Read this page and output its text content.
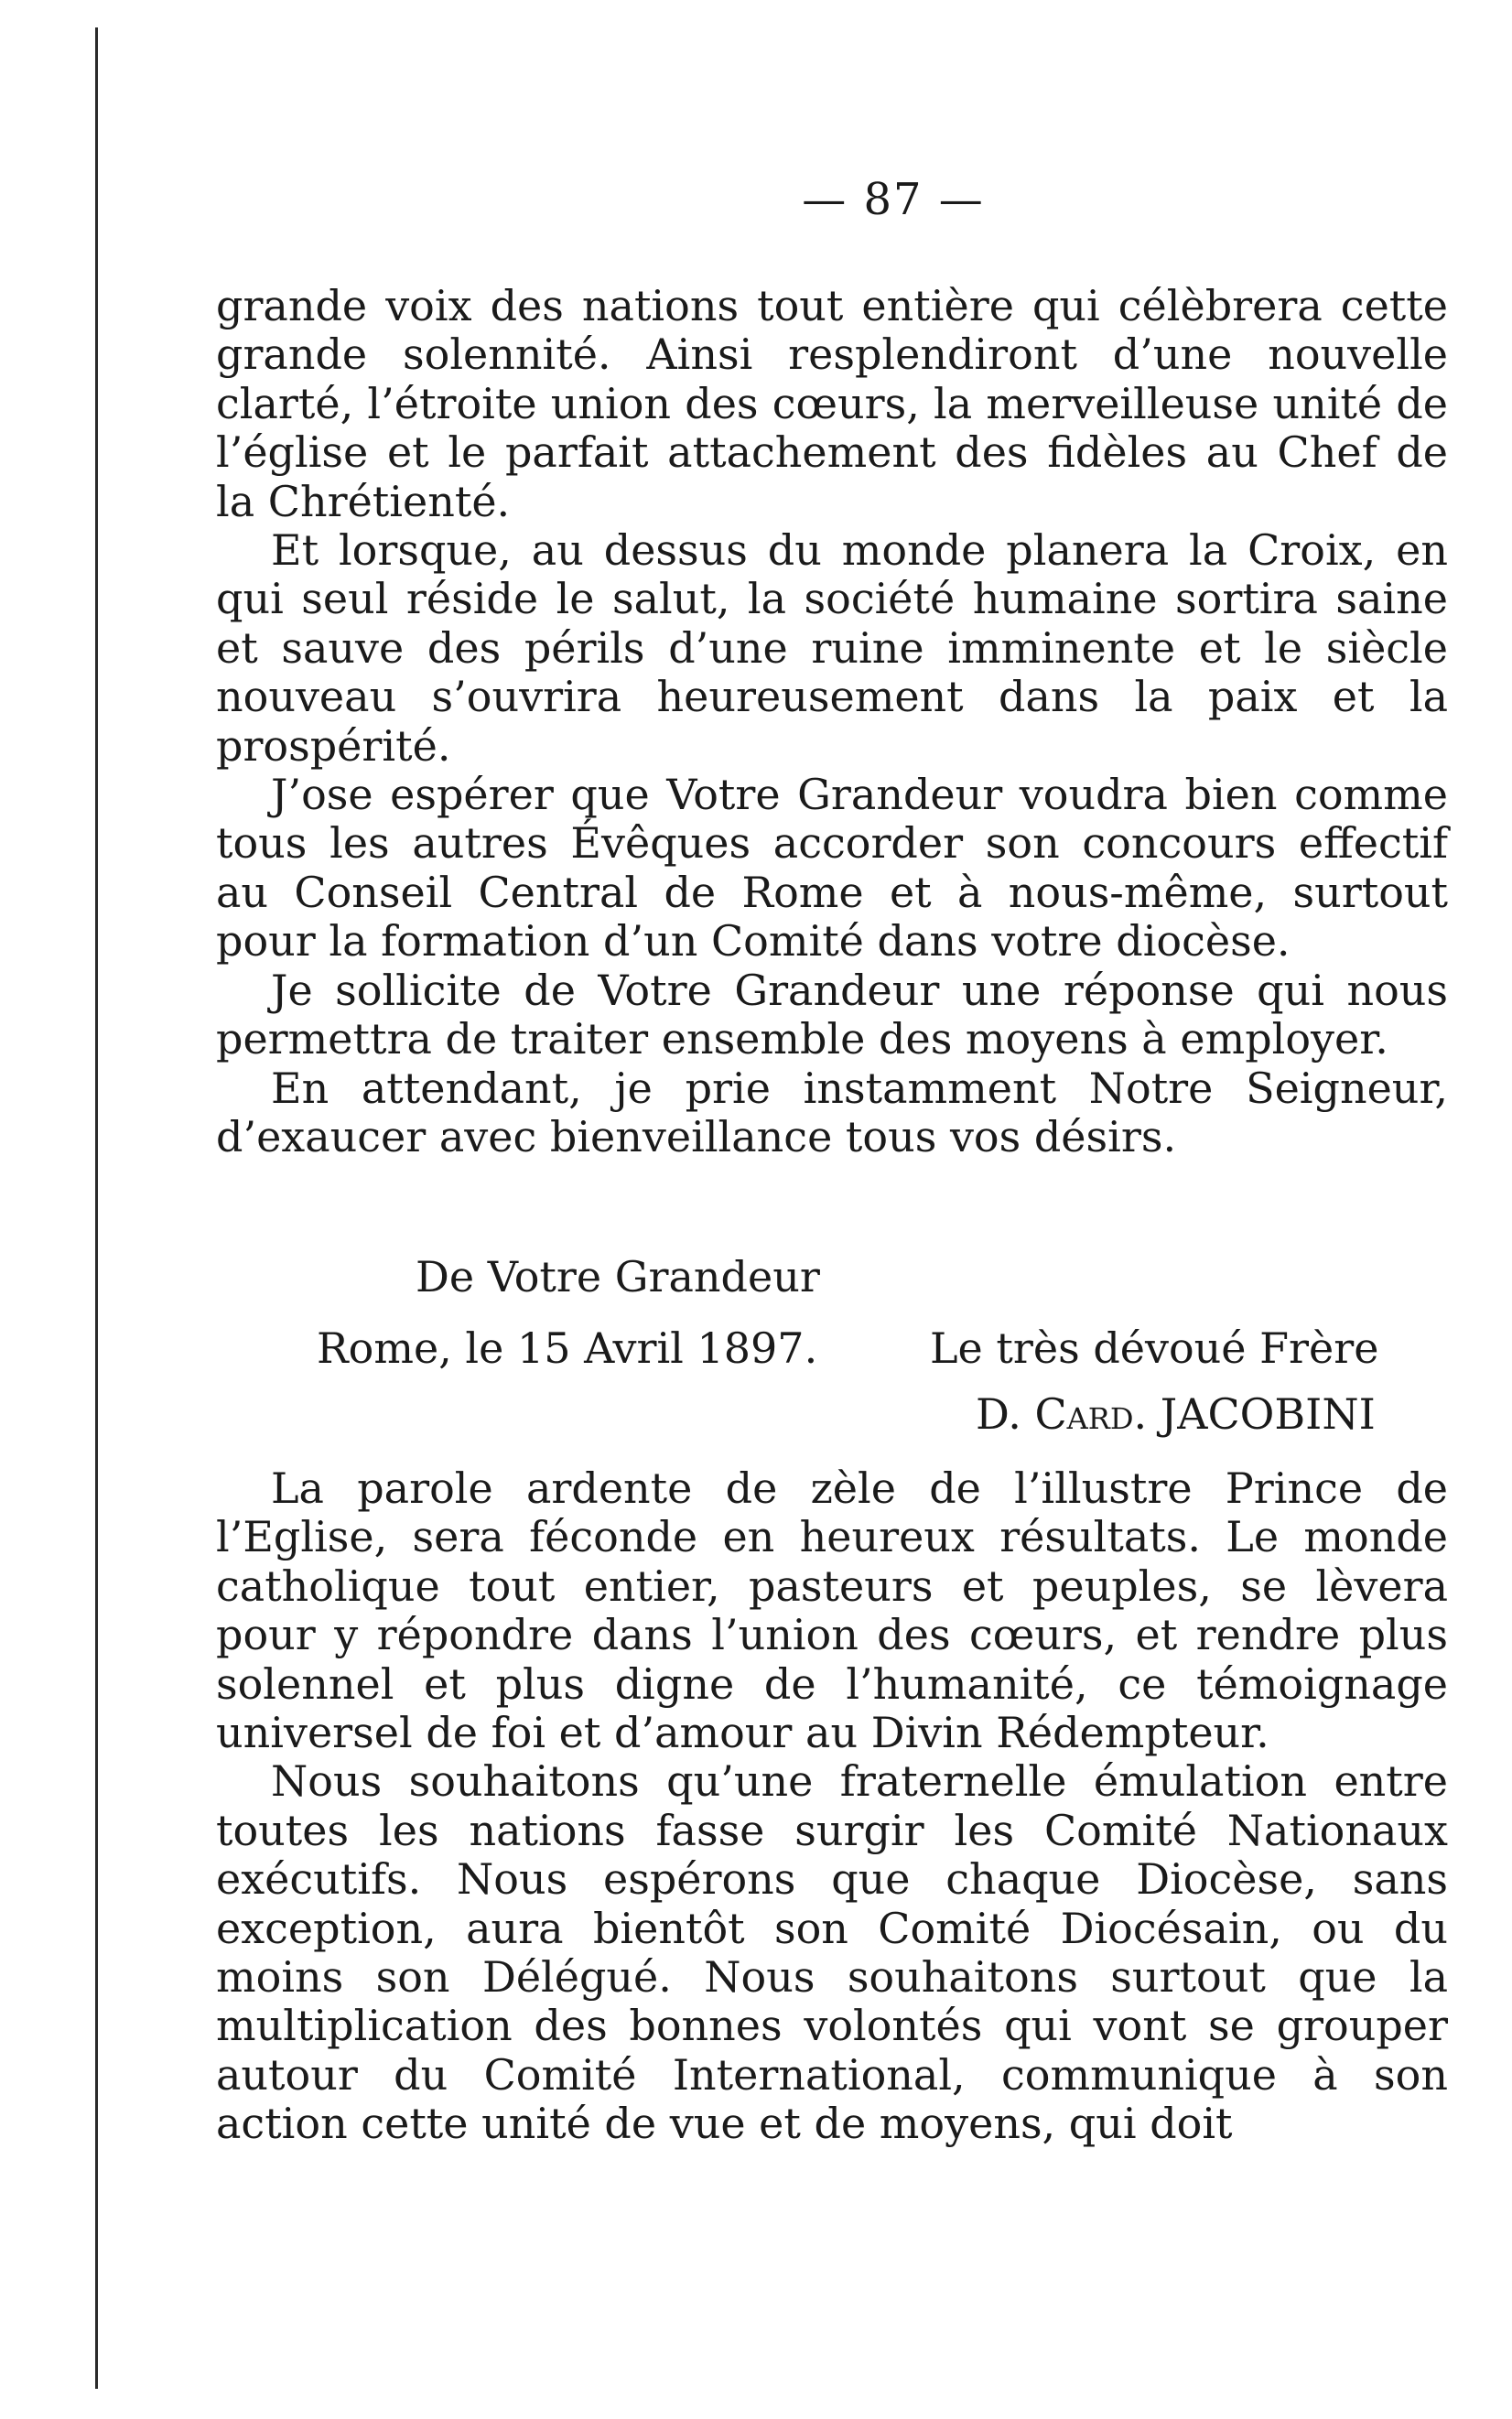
— 87 —

grande voix des nations tout entière qui célèbrera cette grande solennité. Ainsi resplendiront d’une nouvelle clarté, l’étroite union des cœurs, la merveilleuse unité de l’église et le parfait attachement des fidèles au Chef de la Chrétienté.

Et lorsque, au dessus du monde planera la Croix, en qui seul réside le salut, la société humaine sortira saine et sauve des périls d’une ruine imminente et le siècle nouveau s’ouvrira heureusement dans la paix et la prospérité.

J’ose espérer que Votre Grandeur voudra bien comme tous les autres Évêques accorder son concours effectif au Conseil Central de Rome et à nous-même, surtout pour la formation d’un Comité dans votre diocèse.

Je sollicite de Votre Grandeur une réponse qui nous permettra de traiter ensemble des moyens à employer.

En attendant, je prie instamment Notre Seigneur, d’exaucer avec bienveillance tous vos désirs.

De Votre Grandeur
Rome, le 15 Avril 1897.	Le très dévoué Frère
D. Card. JACOBINI

La parole ardente de zèle de l’illustre Prince de l’Eglise, sera féconde en heureux résultats. Le monde catholique tout entier, pasteurs et peuples, se lèvera pour y répondre dans l’union des cœurs, et rendre plus solennel et plus digne de l’humanité, ce témoignage universel de foi et d’amour au Divin Rédempteur.

Nous souhaitons qu’une fraternelle émulation entre toutes les nations fasse surgir les Comité Nationaux exécutifs. Nous espérons que chaque Diocèse, sans exception, aura bientôt son Comité Diocésain, ou du moins son Délégué. Nous souhaitons surtout que la multiplication des bonnes volontés qui vont se grouper autour du Comité International, communique à son action cette unité de vue et de moyens, qui doit
